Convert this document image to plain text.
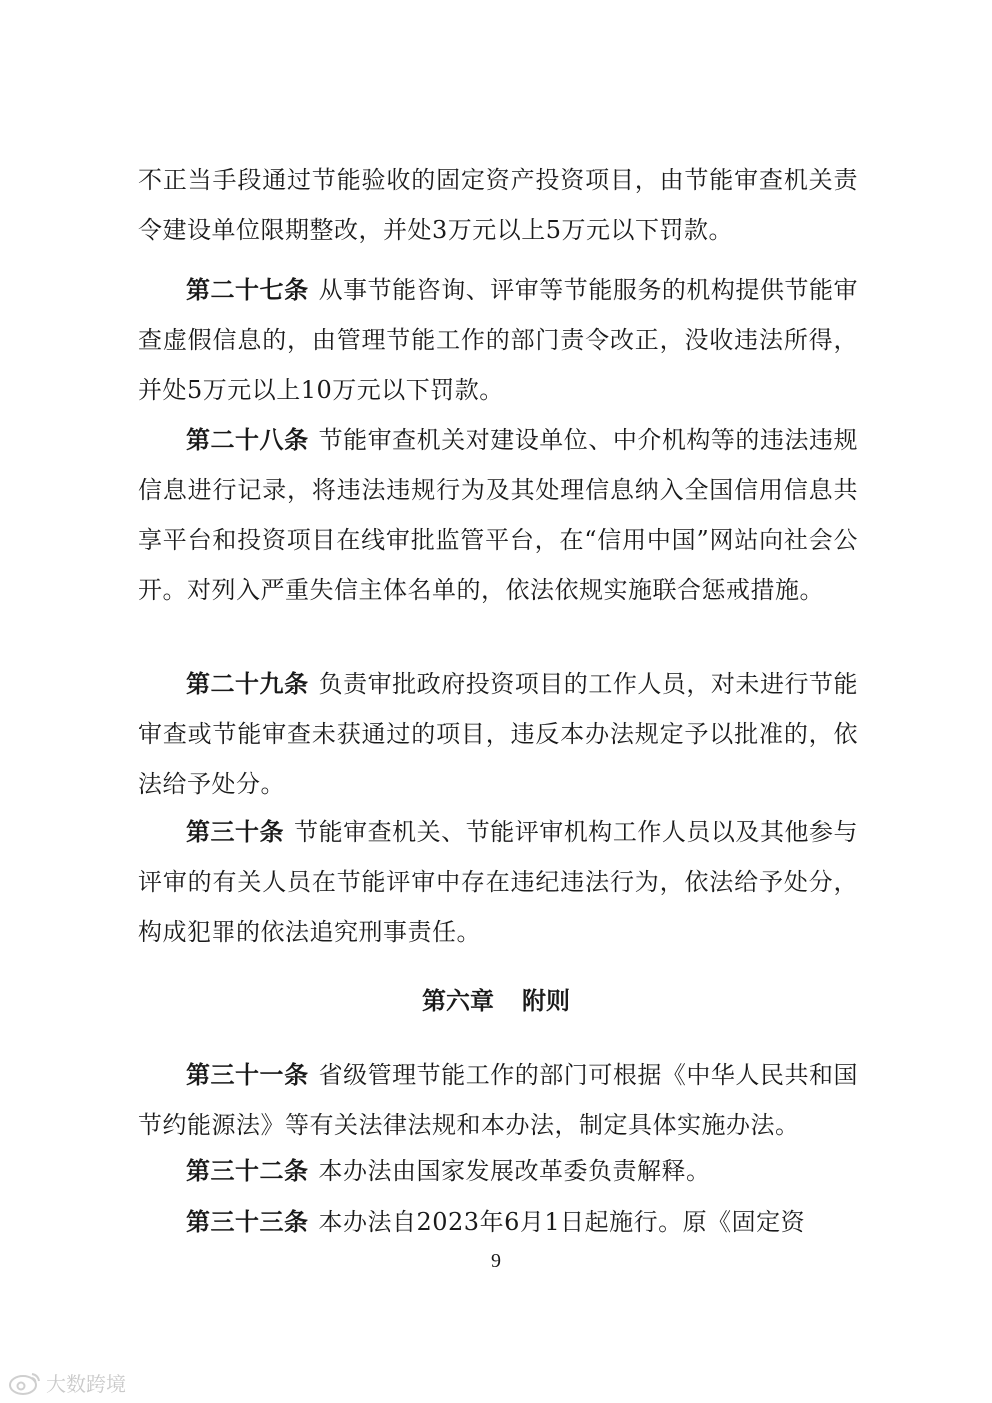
不正当手段通过节能验收的固定资产投资项目，由节能审查机关责令建设单位限期整改，并处3万元以上5万元以下罚款。

第二十七条 从事节能咨询、评审等节能服务的机构提供节能审查虚假信息的，由管理节能工作的部门责令改正，没收违法所得，并处5万元以上10万元以下罚款。

第二十八条 节能审查机关对建设单位、中介机构等的违法违规信息进行记录，将违法违规行为及其处理信息纳入全国信用信息共享平台和投资项目在线审批监管平台，在“信用中国”网站向社会公开。对列入严重失信主体名单的，依法依规实施联合惩戒措施。

第二十九条 负责审批政府投资项目的工作人员，对未进行节能审查或节能审查未获通过的项目，违反本办法规定予以批准的，依法给予处分。

第三十条 节能审查机关、节能评审机构工作人员以及其他参与评审的有关人员在节能评审中存在违纪违法行为，依法给予处分，构成犯罪的依法追究刑事责任。

第六章 附则

第三十一条 省级管理节能工作的部门可根据《中华人民共和国节约能源法》等有关法律法规和本办法，制定具体实施办法。

第三十二条 本办法由国家发展改革委负责解释。

第三十三条 本办法自2023年6月1日起施行。原《固定资

9
大数跨境
